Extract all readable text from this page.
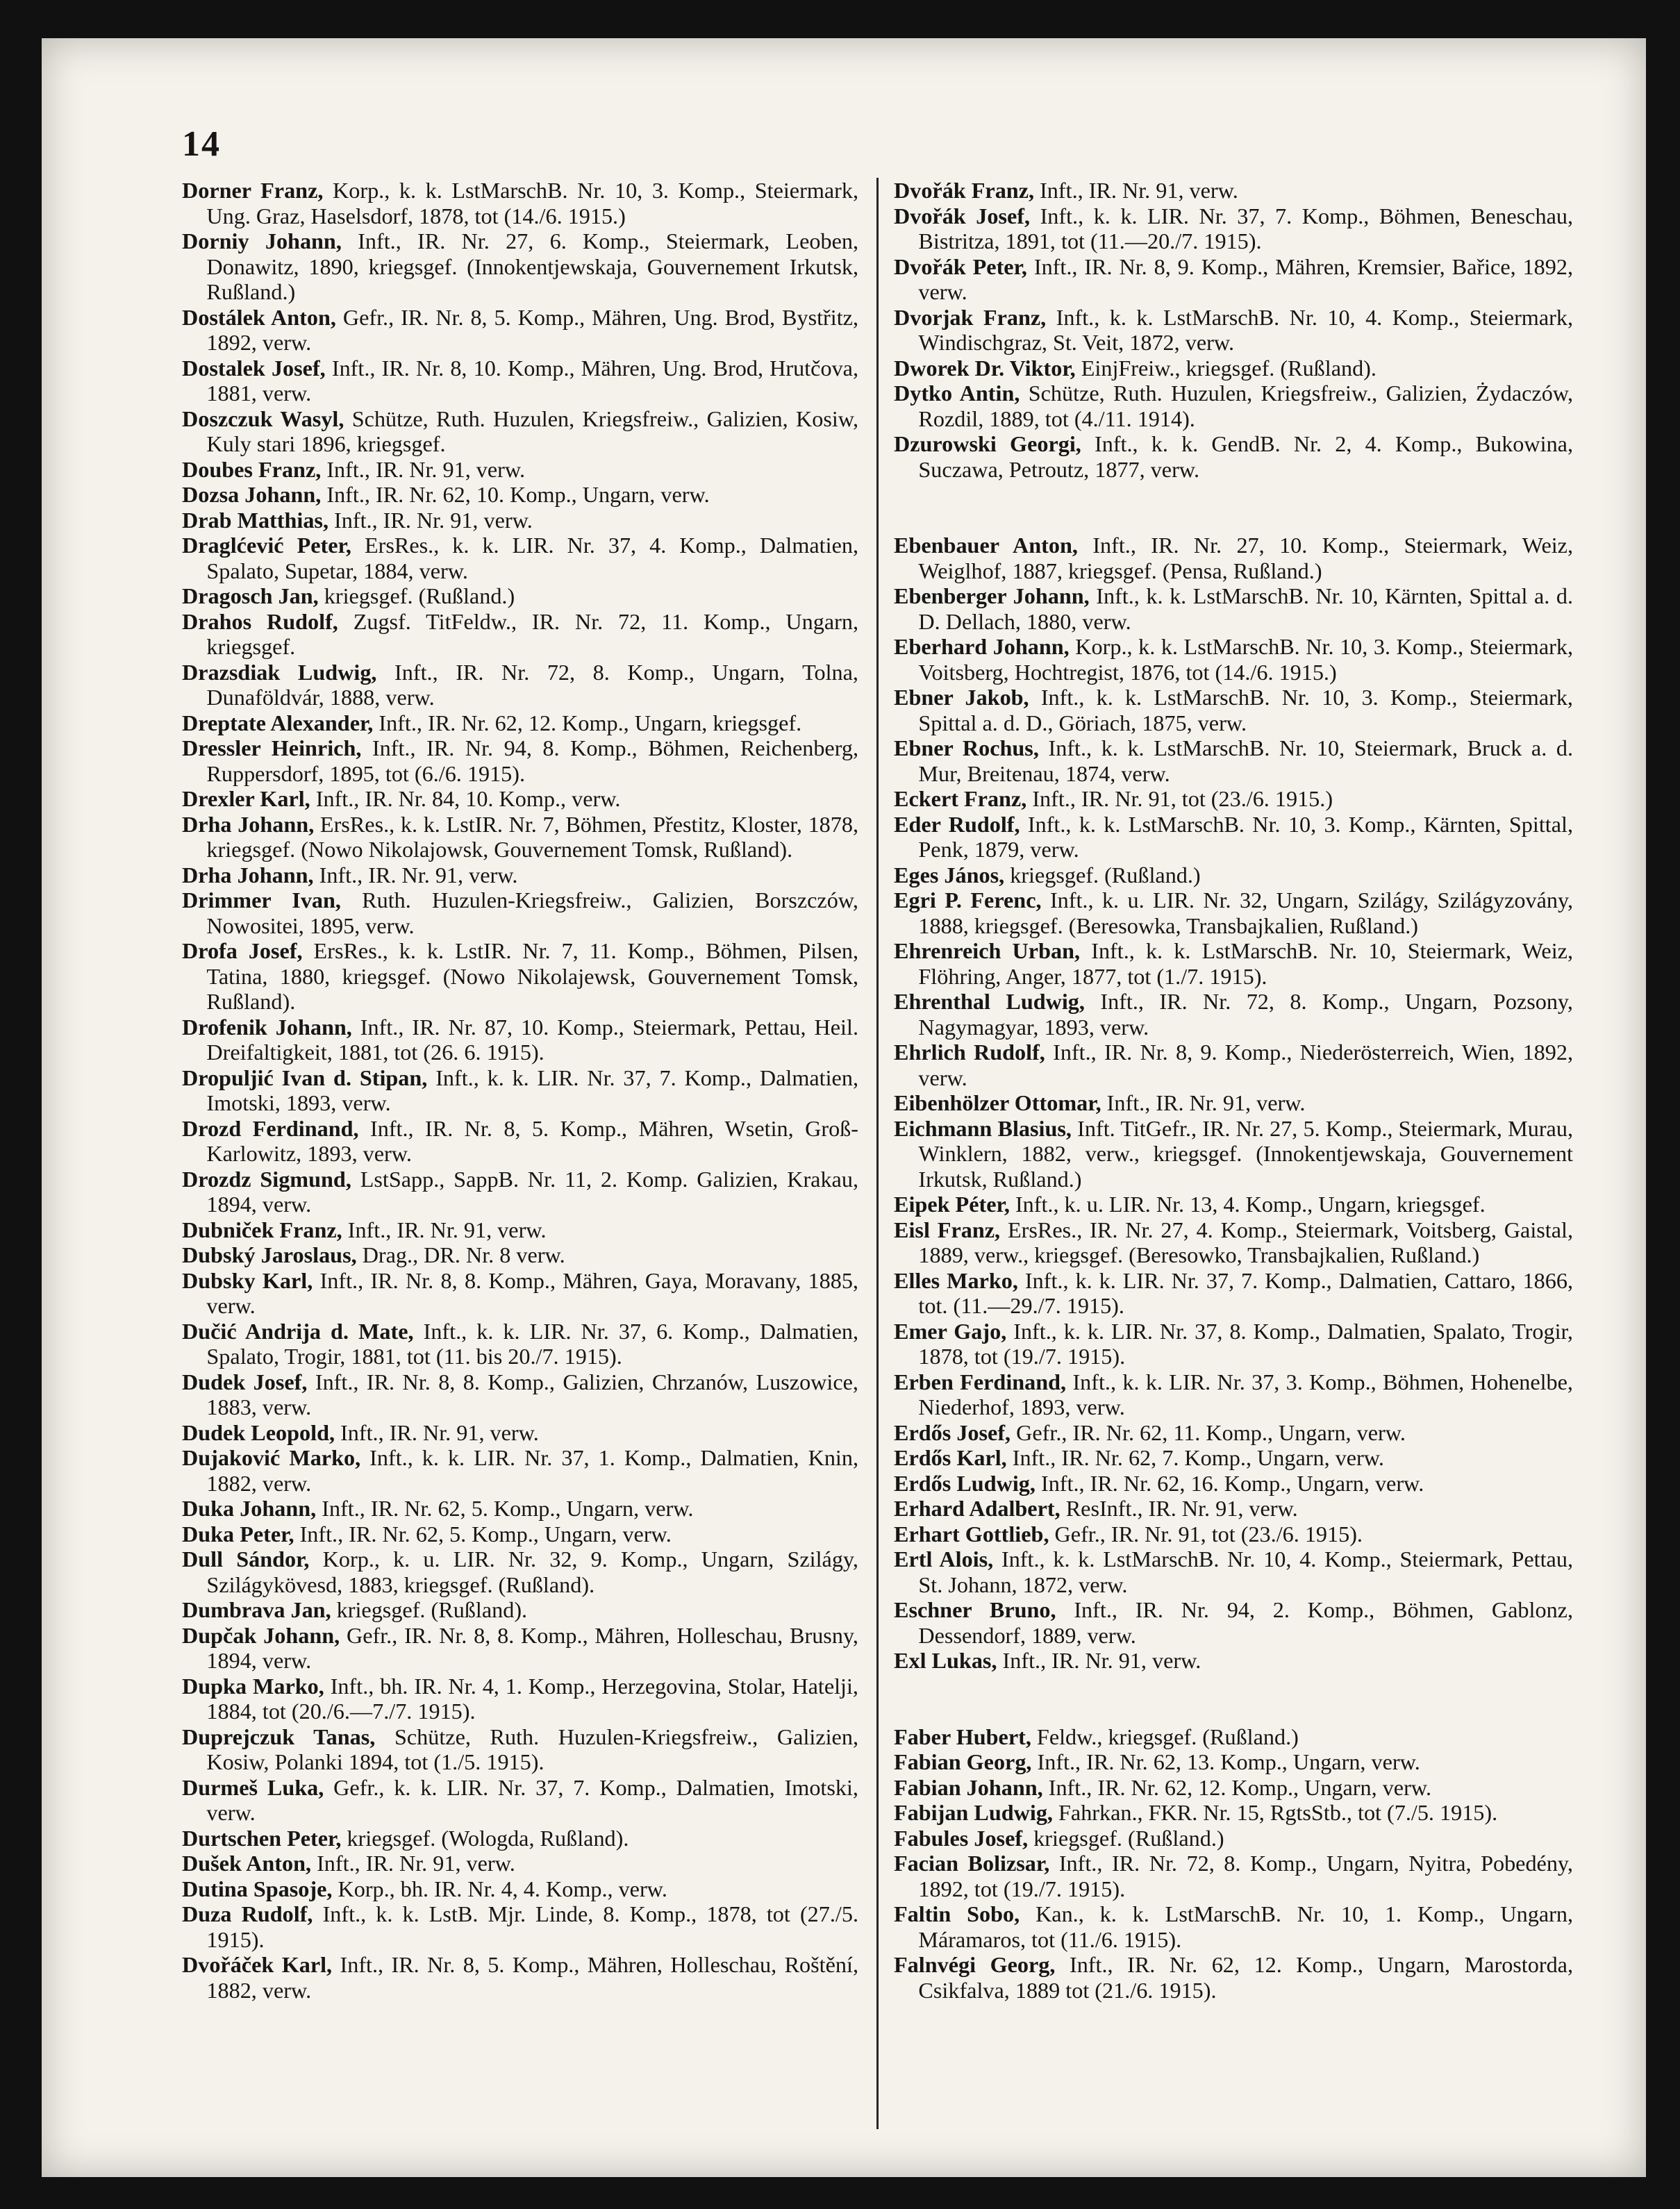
14

Dorner Franz, Korp., k. k. LstMarschB. Nr. 10, 3. Komp., Steiermark, Ung. Graz, Haselsdorf, 1878, tot (14./6. 1915.)

Dorniy Johann, Inft., IR. Nr. 27, 6. Komp., Steiermark, Leoben, Donawitz, 1890, kriegsgef. (Innokentjewskaja, Gouvernement Irkutsk, Rußland.)

Dostálek Anton, Gefr., IR. Nr. 8, 5. Komp., Mähren, Ung. Brod, Bystřitz, 1892, verw.

Dostalek Josef, Inft., IR. Nr. 8, 10. Komp., Mähren, Ung. Brod, Hrutčova, 1881, verw.

Doszczuk Wasyl, Schütze, Ruth. Huzulen, Kriegsfreiw., Galizien, Kosiw, Kuly stari 1896, kriegsgef.

Doubes Franz, Inft., IR. Nr. 91, verw.

Dozsa Johann, Inft., IR. Nr. 62, 10. Komp., Ungarn, verw.

Drab Matthias, Inft., IR. Nr. 91, verw.

Draglćević Peter, ErsRes., k. k. LIR. Nr. 37, 4. Komp., Dalmatien, Spalato, Supetar, 1884, verw.

Dragosch Jan, kriegsgef. (Rußland.)

Drahos Rudolf, Zugsf. TitFeldw., IR. Nr. 72, 11. Komp., Ungarn, kriegsgef.

Drazsdiak Ludwig, Inft., IR. Nr. 72, 8. Komp., Ungarn, Tolna, Dunaföldvár, 1888, verw.

Dreptate Alexander, Inft., IR. Nr. 62, 12. Komp., Ungarn, kriegsgef.

Dressler Heinrich, Inft., IR. Nr. 94, 8. Komp., Böhmen, Reichenberg, Ruppersdorf, 1895, tot (6./6. 1915).

Drexler Karl, Inft., IR. Nr. 84, 10. Komp., verw.

Drha Johann, ErsRes., k. k. LstIR. Nr. 7, Böhmen, Přestitz, Kloster, 1878, kriegsgef. (Nowo Nikolajowsk, Gouvernement Tomsk, Rußland).

Drha Johann, Inft., IR. Nr. 91, verw.

Drimmer Ivan, Ruth. Huzulen-Kriegsfreiw., Galizien, Borszczów, Nowositei, 1895, verw.

Drofa Josef, ErsRes., k. k. LstIR. Nr. 7, 11. Komp., Böhmen, Pilsen, Tatina, 1880, kriegsgef. (Nowo Nikolajewsk, Gouvernement Tomsk, Rußland).

Drofenik Johann, Inft., IR. Nr. 87, 10. Komp., Steiermark, Pettau, Heil. Dreifaltigkeit, 1881, tot (26. 6. 1915).

Dropuljić Ivan d. Stipan, Inft., k. k. LIR. Nr. 37, 7. Komp., Dalmatien, Imotski, 1893, verw.

Drozd Ferdinand, Inft., IR. Nr. 8, 5. Komp., Mähren, Wsetin, Groß-Karlowitz, 1893, verw.

Drozdz Sigmund, LstSapp., SappB. Nr. 11, 2. Komp. Galizien, Krakau, 1894, verw.

Dubniček Franz, Inft., IR. Nr. 91, verw.

Dubský Jaroslaus, Drag., DR. Nr. 8 verw.

Dubsky Karl, Inft., IR. Nr. 8, 8. Komp., Mähren, Gaya, Moravany, 1885, verw.

Dučić Andrija d. Mate, Inft., k. k. LIR. Nr. 37, 6. Komp., Dalmatien, Spalato, Trogir, 1881, tot (11. bis 20./7. 1915).

Dudek Josef, Inft., IR. Nr. 8, 8. Komp., Galizien, Chrzanów, Luszowice, 1883, verw.

Dudek Leopold, Inft., IR. Nr. 91, verw.

Dujaković Marko, Inft., k. k. LIR. Nr. 37, 1. Komp., Dalmatien, Knin, 1882, verw.

Duka Johann, Inft., IR. Nr. 62, 5. Komp., Ungarn, verw.

Duka Peter, Inft., IR. Nr. 62, 5. Komp., Ungarn, verw.

Dull Sándor, Korp., k. u. LIR. Nr. 32, 9. Komp., Ungarn, Szilágy, Szilágykövesd, 1883, kriegsgef. (Rußland).

Dumbrava Jan, kriegsgef. (Rußland).

Dupčak Johann, Gefr., IR. Nr. 8, 8. Komp., Mähren, Holleschau, Brusny, 1894, verw.

Dupka Marko, Inft., bh. IR. Nr. 4, 1. Komp., Herzegovina, Stolar, Hatelji, 1884, tot (20./6.—7./7. 1915).

Duprejczuk Tanas, Schütze, Ruth. Huzulen-Kriegsfreiw., Galizien, Kosiw, Polanki 1894, tot (1./5. 1915).

Durmeš Luka, Gefr., k. k. LIR. Nr. 37, 7. Komp., Dalmatien, Imotski, verw.

Durtschen Peter, kriegsgef. (Wologda, Rußland).

Dušek Anton, Inft., IR. Nr. 91, verw.

Dutina Spasoje, Korp., bh. IR. Nr. 4, 4. Komp., verw.

Duza Rudolf, Inft., k. k. LstB. Mjr. Linde, 8. Komp., 1878, tot (27./5. 1915).

Dvořáček Karl, Inft., IR. Nr. 8, 5. Komp., Mähren, Holleschau, Roštění, 1882, verw.

Dvořák Franz, Inft., IR. Nr. 91, verw.

Dvořák Josef, Inft., k. k. LIR. Nr. 37, 7. Komp., Böhmen, Beneschau, Bistritza, 1891, tot (11.—20./7. 1915).

Dvořák Peter, Inft., IR. Nr. 8, 9. Komp., Mähren, Kremsier, Bařice, 1892, verw.

Dvorjak Franz, Inft., k. k. LstMarschB. Nr. 10, 4. Komp., Steiermark, Windischgraz, St. Veit, 1872, verw.

Dworek Dr. Viktor, EinjFreiw., kriegsgef. (Rußland).

Dytko Antin, Schütze, Ruth. Huzulen, Kriegsfreiw., Galizien, Żydaczów, Rozdil, 1889, tot (4./11. 1914).

Dzurowski Georgi, Inft., k. k. GendB. Nr. 2, 4. Komp., Bukowina, Suczawa, Petroutz, 1877, verw.

Ebenbauer Anton, Inft., IR. Nr. 27, 10. Komp., Steiermark, Weiz, Weiglhof, 1887, kriegsgef. (Pensa, Rußland.)

Ebenberger Johann, Inft., k. k. LstMarschB. Nr. 10, Kärnten, Spittal a. d. D. Dellach, 1880, verw.

Eberhard Johann, Korp., k. k. LstMarschB. Nr. 10, 3. Komp., Steiermark, Voitsberg, Hochtregist, 1876, tot (14./6. 1915.)

Ebner Jakob, Inft., k. k. LstMarschB. Nr. 10, 3. Komp., Steiermark, Spittal a. d. D., Göriach, 1875, verw.

Ebner Rochus, Inft., k. k. LstMarschB. Nr. 10, Steiermark, Bruck a. d. Mur, Breitenau, 1874, verw.

Eckert Franz, Inft., IR. Nr. 91, tot (23./6. 1915.)

Eder Rudolf, Inft., k. k. LstMarschB. Nr. 10, 3. Komp., Kärnten, Spittal, Penk, 1879, verw.

Eges János, kriegsgef. (Rußland.)

Egri P. Ferenc, Inft., k. u. LIR. Nr. 32, Ungarn, Szilágy, Szilágyzovány, 1888, kriegsgef. (Beresowka, Transbajkalien, Rußland.)

Ehrenreich Urban, Inft., k. k. LstMarschB. Nr. 10, Steiermark, Weiz, Flöhring, Anger, 1877, tot (1./7. 1915).

Ehrenthal Ludwig, Inft., IR. Nr. 72, 8. Komp., Ungarn, Pozsony, Nagymagyar, 1893, verw.

Ehrlich Rudolf, Inft., IR. Nr. 8, 9. Komp., Niederösterreich, Wien, 1892, verw.

Eibenhölzer Ottomar, Inft., IR. Nr. 91, verw.

Eichmann Blasius, Inft. TitGefr., IR. Nr. 27, 5. Komp., Steiermark, Murau, Winklern, 1882, verw., kriegsgef. (Innokentjewskaja, Gouvernement Irkutsk, Rußland.)

Eipek Péter, Inft., k. u. LIR. Nr. 13, 4. Komp., Ungarn, kriegsgef.

Eisl Franz, ErsRes., IR. Nr. 27, 4. Komp., Steiermark, Voitsberg, Gaistal, 1889, verw., kriegsgef. (Beresowko, Transbajkalien, Rußland.)

Elles Marko, Inft., k. k. LIR. Nr. 37, 7. Komp., Dalmatien, Cattaro, 1866, tot. (11.—29./7. 1915).

Emer Gajo, Inft., k. k. LIR. Nr. 37, 8. Komp., Dalmatien, Spalato, Trogir, 1878, tot (19./7. 1915).

Erben Ferdinand, Inft., k. k. LIR. Nr. 37, 3. Komp., Böhmen, Hohenelbe, Niederhof, 1893, verw.

Erdős Josef, Gefr., IR. Nr. 62, 11. Komp., Ungarn, verw.

Erdős Karl, Inft., IR. Nr. 62, 7. Komp., Ungarn, verw.

Erdős Ludwig, Inft., IR. Nr. 62, 16. Komp., Ungarn, verw.

Erhard Adalbert, ResInft., IR. Nr. 91, verw.

Erhart Gottlieb, Gefr., IR. Nr. 91, tot (23./6. 1915).

Ertl Alois, Inft., k. k. LstMarschB. Nr. 10, 4. Komp., Steiermark, Pettau, St. Johann, 1872, verw.

Eschner Bruno, Inft., IR. Nr. 94, 2. Komp., Böhmen, Gablonz, Dessendorf, 1889, verw.

Exl Lukas, Inft., IR. Nr. 91, verw.

Faber Hubert, Feldw., kriegsgef. (Rußland.)

Fabian Georg, Inft., IR. Nr. 62, 13. Komp., Ungarn, verw.

Fabian Johann, Inft., IR. Nr. 62, 12. Komp., Ungarn, verw.

Fabijan Ludwig, Fahrkan., FKR. Nr. 15, RgtsStb., tot (7./5. 1915).

Fabules Josef, kriegsgef. (Rußland.)

Facian Bolizsar, Inft., IR. Nr. 72, 8. Komp., Ungarn, Nyitra, Pobedény, 1892, tot (19./7. 1915).

Faltin Sobo, Kan., k. k. LstMarschB. Nr. 10, 1. Komp., Ungarn, Máramaros, tot (11./6. 1915).

Falnvégi Georg, Inft., IR. Nr. 62, 12. Komp., Ungarn, Marostorda, Csikfalva, 1889 tot (21./6. 1915).
